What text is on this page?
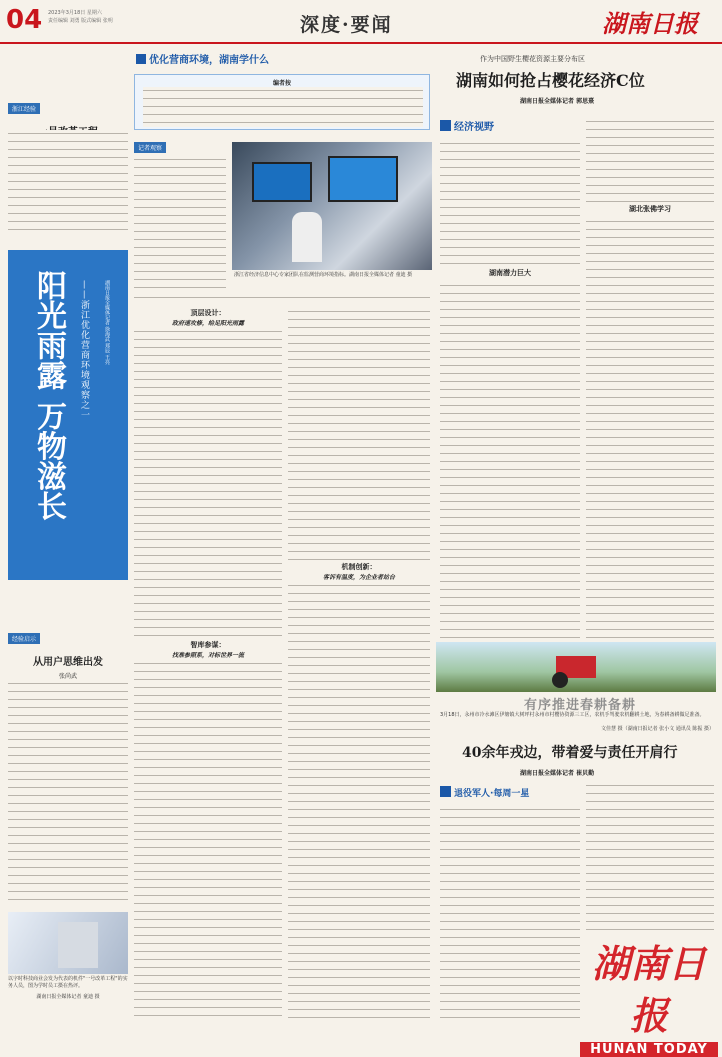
04 2023年3月18日 星期六
责任编辑 刘勇 版式编辑 张明	深度·要闻	湖南日报
优化营商环境，湖南学什么
编者按
浙江经验
阳光雨露 万物滋长 ——浙江优化营商环境观察之一	湖南日报全媒体记者 徐海武 郑辰 王亮
记者观察
浙江省经济信息中心专家团队在监测营商环境指标。湖南日报全媒体记者 童迪 摄
顶层设计：
政府速攻修，给足阳光雨露
机制创新：
客诉有温度，为企业者站台
智库参谋：
找准参照系，对标世界一流
经验启示
从用户思维出发
张尚武
以字时科技商业会发为代表的机件"一号改革工程"的实务人员，图为学时员工摄在热评。
湖南日报全媒体记者 童迪 摄
作为中国野生樱花资源主要分布区
湖南如何抢占樱花经济C位
湖南日报全媒体记者 郭思熹
经济视野
湖南潜力巨大
湖北张佛学习
有序推进春耕备耕
3月18日，永州市冷水滩区伊塘镇大树坪村永州市村樱协资源三工区，农机手驾驶农机翻耕土地，为春耕备耕做足准备。
文佳慧 摄（湖南日报记者 张小文 通讯员 陈振 摄）
40余年戎边，带着爱与责任开肩行
湖南日报全媒体记者 崔贝勤
退役军人·每周一星
湖南日报
HUNAN TODAY
